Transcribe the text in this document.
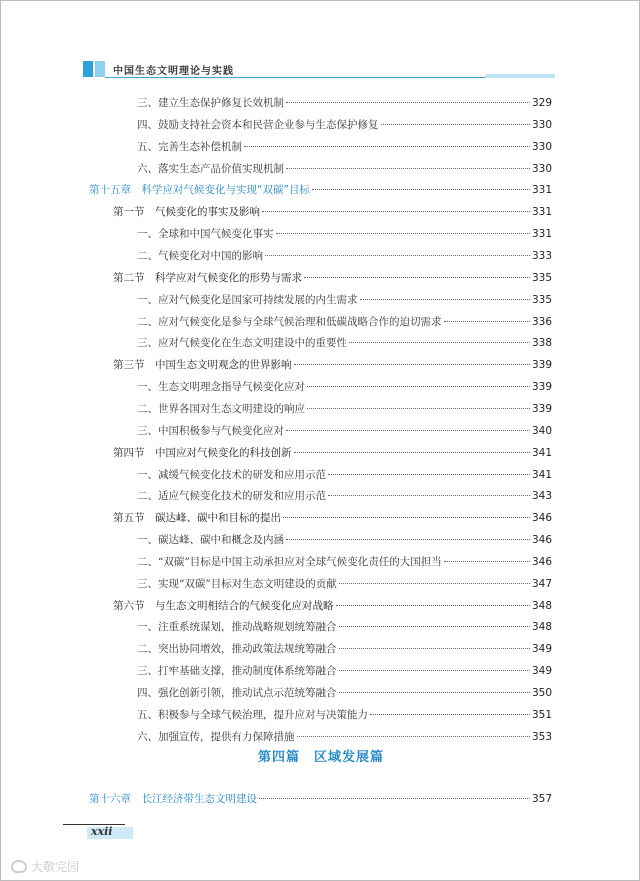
中国生态文明理论与实践
三、建立生态保护修复长效机制	329
四、鼓励支持社会资本和民营企业参与生态保护修复	330
五、完善生态补偿机制	330
六、落实生态产品价值实现机制	330
第十五章　科学应对气候变化与实现“双碳”目标	331
第一节　气候变化的事实及影响	331
一、全球和中国气候变化事实	331
二、气候变化对中国的影响	333
第二节　科学应对气候变化的形势与需求	335
一、应对气候变化是国家可持续发展的内生需求	335
二、应对气候变化是参与全球气候治理和低碳战略合作的迫切需求	336
三、应对气候变化在生态文明建设中的重要性	338
第三节　中国生态文明观念的世界影响	339
一、生态文明理念指导气候变化应对	339
二、世界各国对生态文明建设的响应	339
三、中国积极参与气候变化应对	340
第四节　中国应对气候变化的科技创新	341
一、减缓气候变化技术的研发和应用示范	341
二、适应气候变化技术的研发和应用示范	343
第五节　碳达峰、碳中和目标的提出	346
一、碳达峰、碳中和概念及内涵	346
二、“双碳”目标是中国主动承担应对全球气候变化责任的大国担当	346
三、实现“双碳”目标对生态文明建设的贡献	347
第六节　与生态文明相结合的气候变化应对战略	348
一、注重系统谋划，推动战略规划统筹融合	348
二、突出协同增效，推动政策法规统筹融合	349
三、打牢基础支撑，推动制度体系统筹融合	349
四、强化创新引领，推动试点示范统筹融合	350
五、积极参与全球气候治理，提升应对与决策能力	351
六、加强宣传，提供有力保障措施	353
第四篇　区域发展篇
第十六章　长江经济带生态文明建设	357
xxii
大敬完园
